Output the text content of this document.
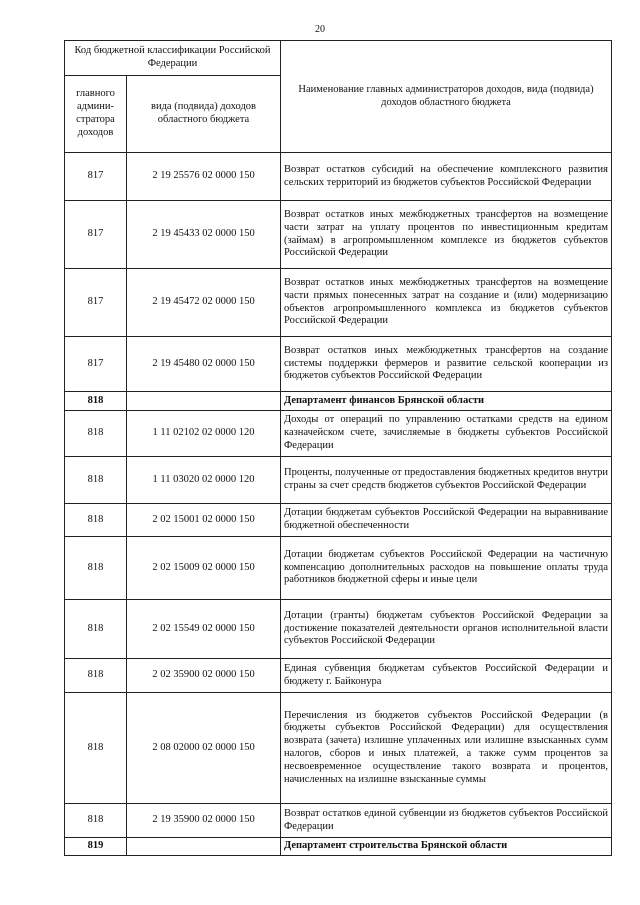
20
Код бюджетной классификации Российской Федерации		Наименование главных администраторов доходов, вида (подвида) доходов областного бюджета
главного админи-стратора доходов	вида (подвида) доходов областного бюджета	
817	2 19 25576 02 0000 150	Возврат остатков субсидий на обеспечение комплексного развития сельских территорий из бюджетов субъектов Российской Федерации
817	2 19 45433 02 0000 150	Возврат остатков иных межбюджетных трансфертов на возмещение части затрат на уплату процентов по инвестиционным кредитам (займам) в агропромышленном комплексе из бюджетов субъектов Российской Федерации
817	2 19 45472 02 0000 150	Возврат остатков иных межбюджетных трансфертов на возмещение части прямых понесенных затрат на создание и (или) модернизацию объектов агропромышленного комплекса из бюджетов субъектов Российской Федерации
817	2 19 45480 02 0000 150	Возврат остатков иных межбюджетных трансфертов на создание системы поддержки фермеров и развитие сельской кооперации из бюджетов субъектов Российской Федерации
818		Департамент финансов Брянской области
818	1 11 02102 02 0000 120	Доходы от операций по управлению остатками средств на едином казначейском счете, зачисляемые в бюджеты субъектов Российской Федерации
818	1 11 03020 02 0000 120	Проценты, полученные от предоставления бюджетных кредитов внутри страны за счет средств бюджетов субъектов Российской Федерации
818	2 02 15001 02 0000 150	Дотации бюджетам субъектов Российской Федерации на выравнивание бюджетной обеспеченности
818	2 02 15009 02 0000 150	Дотации бюджетам субъектов Российской Федерации на частичную компенсацию дополнительных расходов на повышение оплаты труда работников бюджетной сферы и иные цели
818	2 02 15549 02 0000 150	Дотации (гранты) бюджетам субъектов Российской Федерации за достижение показателей деятельности органов исполнительной власти субъектов Российской Федерации
818	2 02 35900 02 0000 150	Единая субвенция бюджетам субъектов Российской Федерации и бюджету г. Байконура
818	2 08 02000 02 0000 150	Перечисления из бюджетов субъектов Российской Федерации (в бюджеты субъектов Российской Федерации) для осуществления возврата (зачета) излишне уплаченных или излишне взысканных сумм налогов, сборов и иных платежей, а также сумм процентов за несвоевременное осуществление такого возврата и процентов, начисленных на излишне взысканные суммы
818	2 19 35900 02 0000 150	Возврат остатков единой субвенции из бюджетов субъектов Российской Федерации
819		Департамент строительства Брянской области
